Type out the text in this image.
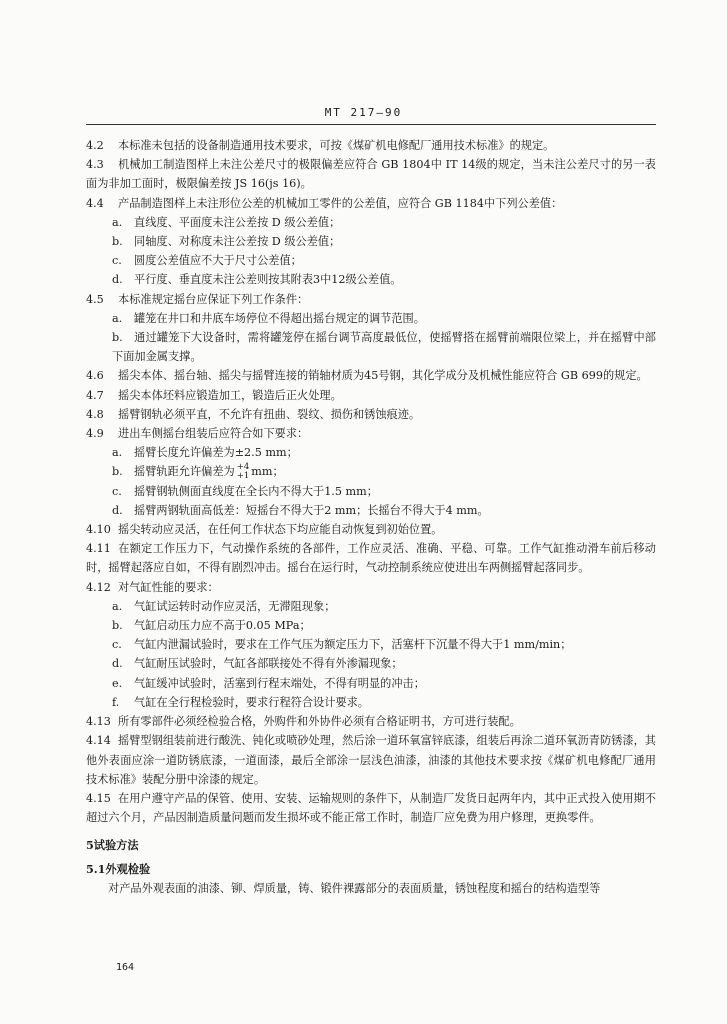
MT 217—90

4.2 本标准未包括的设备制造通用技术要求，可按《煤矿机电修配厂通用技术标准》的规定。

4.3 机械加工制造图样上未注公差尺寸的极限偏差应符合 GB 1804中 IT 14级的规定，当未注公差尺寸的另一表面为非加工面时，极限偏差按 JS 16(js 16)。

4.4 产品制造图样上未注形位公差的机械加工零件的公差值，应符合 GB 1184中下列公差值：

a. 直线度、平面度未注公差按 D 级公差值；

b. 同轴度、对称度未注公差按 D 级公差值；

c. 圆度公差值应不大于尺寸公差值；

d. 平行度、垂直度未注公差则按其附表3中12级公差值。

4.5 本标准规定摇台应保证下列工作条件：

a. 罐笼在井口和井底车场停位不得超出摇台规定的调节范围。

b. 通过罐笼下大设备时，需将罐笼停在摇台调节高度最低位，使摇臂搭在摇臂前端限位梁上，并在摇臂中部下面加金属支撑。

4.6 摇尖本体、摇台轴、摇尖与摇臂连接的销轴材质为45号钢，其化学成分及机械性能应符合 GB 699的规定。

4.7 摇尖本体坯料应锻造加工，锻造后正火处理。

4.8 摇臂钢轨必须平直，不允许有扭曲、裂纹、损伤和锈蚀痕迹。

4.9 进出车侧摇台组装后应符合如下要求：

a. 摇臂长度允许偏差为±2.5 mm；

b. 摇臂轨距允许偏差为 +4
+1 mm；

c. 摇臂钢轨侧面直线度在全长内不得大于1.5 mm；

d. 摇臂两钢轨面高低差：短摇台不得大于2 mm；长摇台不得大于4 mm。

4.10 摇尖转动应灵活，在任何工作状态下均应能自动恢复到初始位置。

4.11 在额定工作压力下，气动操作系统的各部件，工作应灵活、准确、平稳、可靠。工作气缸推动滑车前后移动时，摇臂起落应自如，不得有剧烈冲击。摇台在运行时，气动控制系统应使进出车两侧摇臂起落同步。

4.12 对气缸性能的要求：

a. 气缸试运转时动作应灵活，无滞阻现象；

b. 气缸启动压力应不高于0.05 MPa；

c. 气缸内泄漏试验时，要求在工作气压为额定压力下，活塞杆下沉量不得大于1 mm/min；

d. 气缸耐压试验时，气缸各部联接处不得有外渗漏现象；

e. 气缸缓冲试验时，活塞到行程末端处，不得有明显的冲击；

f. 气缸在全行程检验时，要求行程符合设计要求。

4.13 所有零部件必须经检验合格，外购件和外协件必须有合格证明书，方可进行装配。

4.14 摇臂型钢组装前进行酸洗、钝化或喷砂处理，然后涂一道环氧富锌底漆，组装后再涂二道环氧沥青防锈漆，其他外表面应涂一道防锈底漆，一道面漆，最后全部涂一层浅色油漆，油漆的其他技术要求按《煤矿机电修配厂通用技术标准》装配分册中涂漆的规定。

4.15 在用户遵守产品的保管、使用、安装、运输规则的条件下，从制造厂发货日起两年内，其中正式投入使用期不超过六个月，产品因制造质量问题而发生损坏或不能正常工作时，制造厂应免费为用户修理，更换零件。

5试验方法

5.1外观检验

对产品外观表面的油漆、铆、焊质量，铸、锻件裸露部分的表面质量，锈蚀程度和摇台的结构造型等

164
